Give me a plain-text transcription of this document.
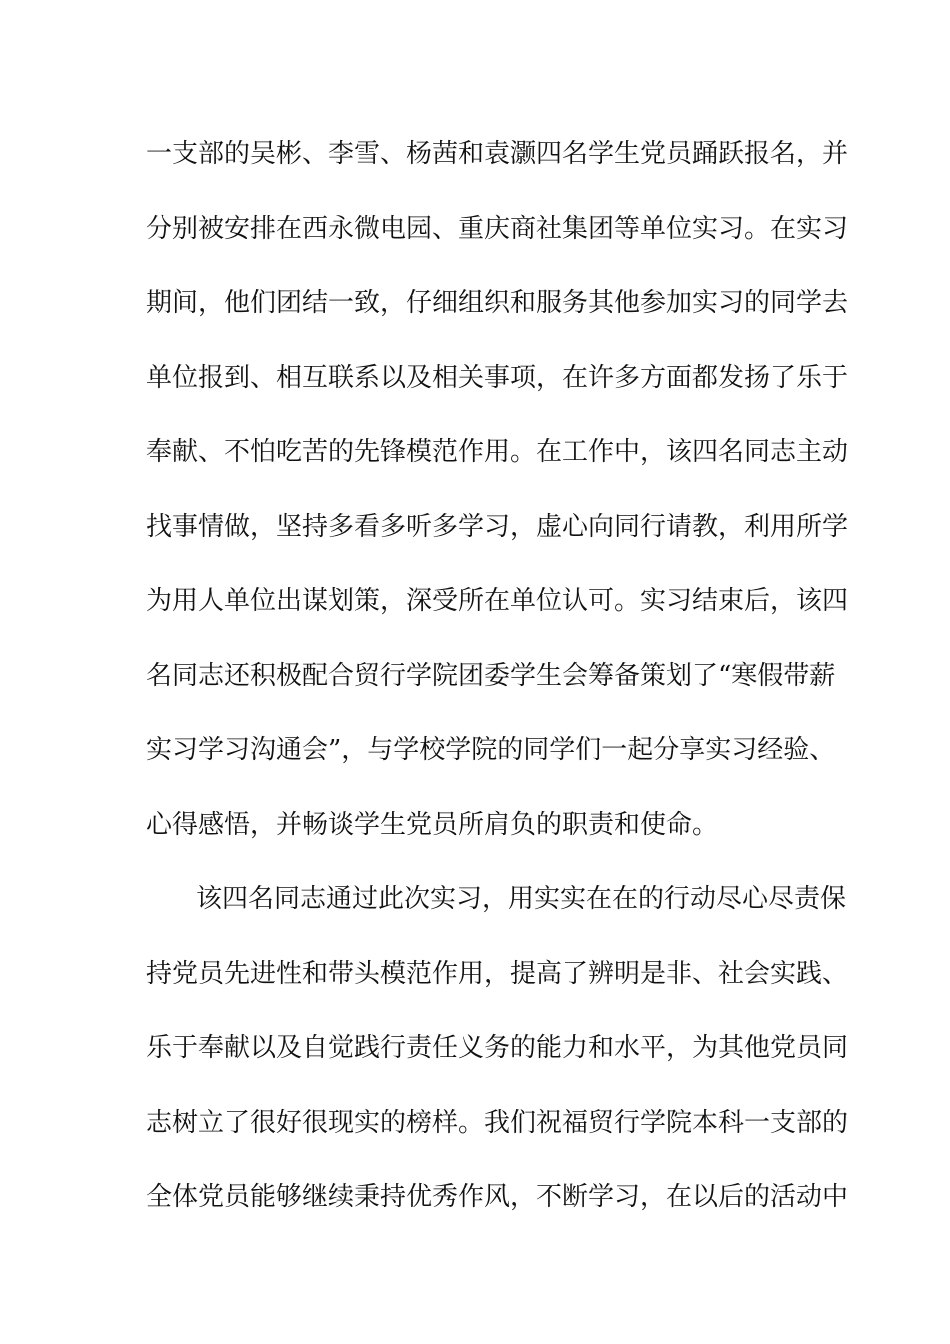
一支部的吴彬、李雪、杨茜和袁灏四名学生党员踊跃报名，并
分别被安排在西永微电园、重庆商社集团等单位实习。在实习
期间，他们团结一致，仔细组织和服务其他参加实习的同学去
单位报到、相互联系以及相关事项，在许多方面都发扬了乐于
奉献、不怕吃苦的先锋模范作用。在工作中，该四名同志主动
找事情做，坚持多看多听多学习，虚心向同行请教，利用所学
为用人单位出谋划策，深受所在单位认可。实习结束后，该四
名同志还积极配合贸行学院团委学生会筹备策划了“寒假带薪
实习学习沟通会”，与学校学院的同学们一起分享实习经验、
心得感悟，并畅谈学生党员所肩负的职责和使命。
该四名同志通过此次实习，用实实在在的行动尽心尽责保
持党员先进性和带头模范作用，提高了辨明是非、社会实践、
乐于奉献以及自觉践行责任义务的能力和水平，为其他党员同
志树立了很好很现实的榜样。我们祝福贸行学院本科一支部的
全体党员能够继续秉持优秀作风，不断学习，在以后的活动中
